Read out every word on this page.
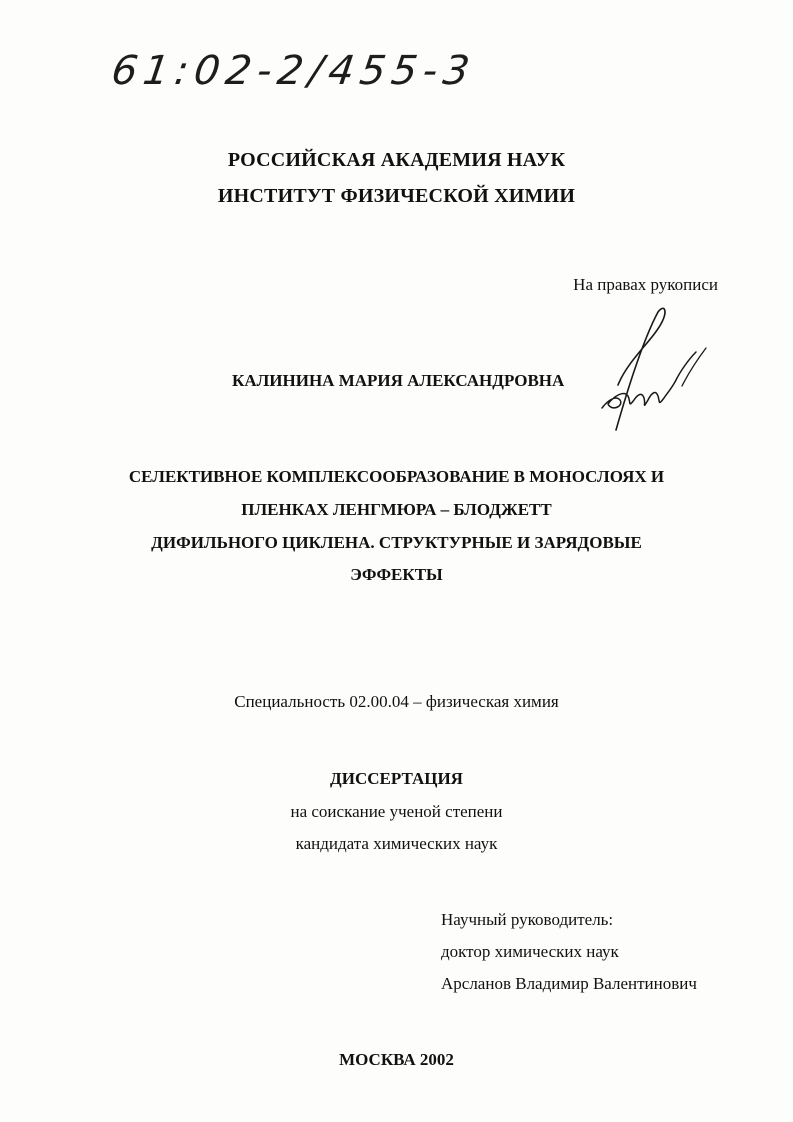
61:02-2/455-3
РОССИЙСКАЯ АКАДЕМИЯ НАУК
ИНСТИТУТ ФИЗИЧЕСКОЙ ХИМИИ
На правах рукописи
КАЛИНИНА МАРИЯ АЛЕКСАНДРОВНА
СЕЛЕКТИВНОЕ КОМПЛЕКСООБРАЗОВАНИЕ В МОНОСЛОЯХ И
ПЛЕНКАХ ЛЕНГМЮРА – БЛОДЖЕТТ
ДИФИЛЬНОГО ЦИКЛЕНА. СТРУКТУРНЫЕ И ЗАРЯДОВЫЕ
ЭФФЕКТЫ
Специальность 02.00.04 – физическая химия
ДИССЕРТАЦИЯ
на соискание ученой степени
кандидата химических наук
Научный руководитель:
доктор химических наук
Арсланов Владимир Валентинович
МОСКВА 2002
